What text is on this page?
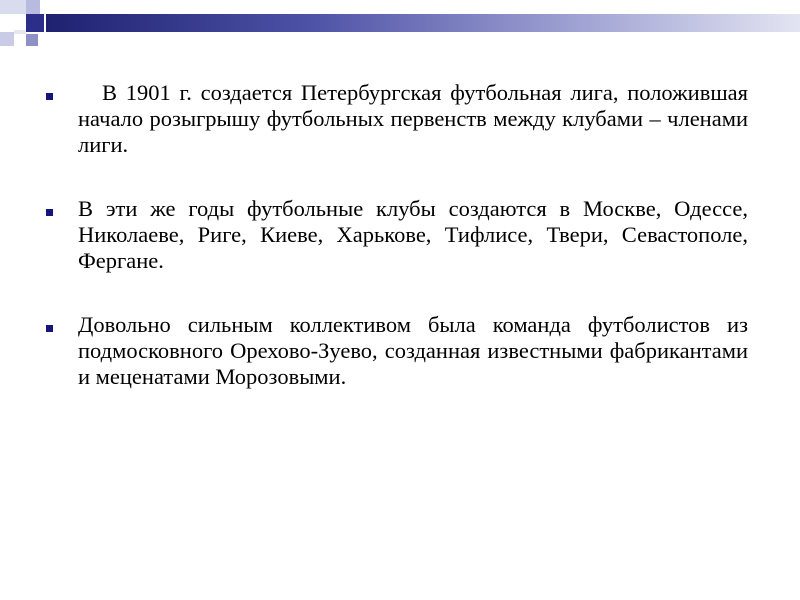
В 1901 г. создается Петербургская футбольная лига, положившая начало розыгрышу футбольных первенств между клубами – членами лиги.

В эти же годы футбольные клубы создаются в Москве, Одессе, Николаеве, Риге, Киеве, Харькове, Тифлисе, Твери, Севастополе, Фергане.

Довольно сильным коллективом была команда футболистов из подмосковного Орехово-Зуево, созданная известными фабрикантами и меценатами Морозовыми.
